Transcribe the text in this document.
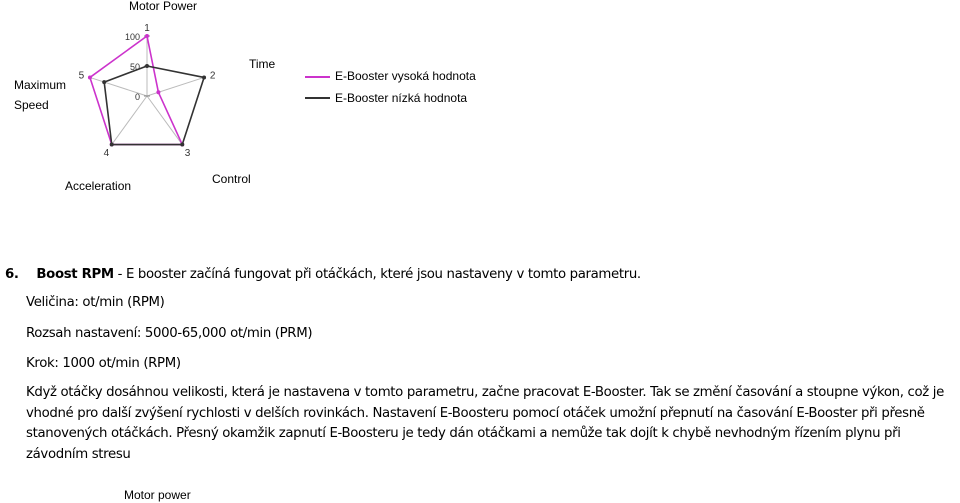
0
50
100
1
2
3
4
5
Motor Power
Time
Maximum
Speed
Acceleration	Control
E-Booster vysoká hodnota
E-Booster nízká hodnota
6. Boost RPM - E booster začíná fungovat při otáčkách, které jsou nastaveny v tomto parametru.
Veličina: ot/min (RPM)
Rozsah nastavení: 5000-65,000 ot/min (PRM)
Krok: 1000 ot/min (RPM)
Když otáčky dosáhnou velikosti, která je nastavena v tomto parametru, začne pracovat E-Booster. Tak se změní časování a stoupne výkon, což je vhodné pro další zvýšení rychlosti v delších rovinkách. Nastavení E-Boosteru pomocí otáček umožní přepnutí na časování E-Booster při přesně stanovených otáčkách. Přesný okamžik zapnutí E-Boosteru je tedy dán otáčkami a nemůže tak dojít k chybě nevhodným řízením plynu při závodním stresu
Motor power
